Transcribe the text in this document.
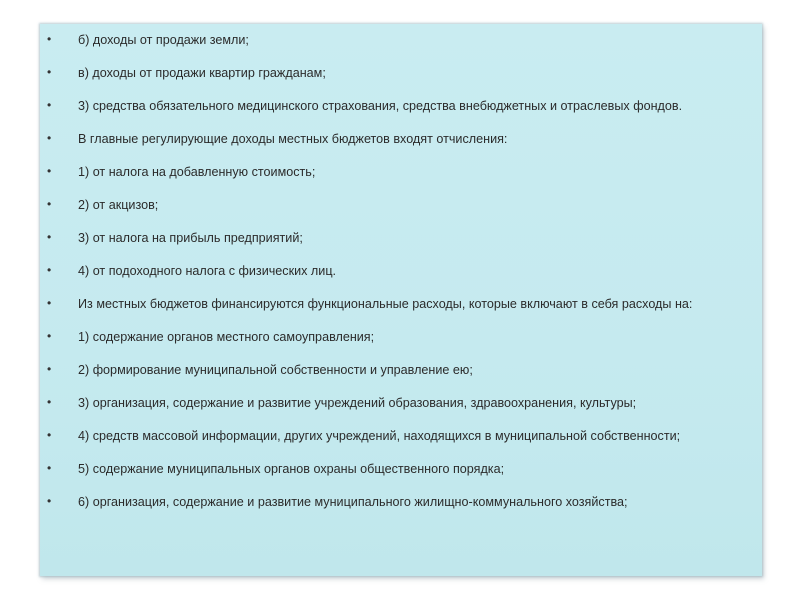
• б) доходы от продажи земли;
• в) доходы от продажи квартир гражданам;
• 3) средства обязательного медицинского страхования, средства внебюджетных и отраслевых фондов.
• В главные регулирующие доходы местных бюджетов входят отчисления:
• 1) от налога на добавленную стоимость;
• 2) от акцизов;
• 3) от налога на прибыль предприятий;
• 4) от подоходного налога с физических лиц.
• Из местных бюджетов финансируются функциональные расходы, которые включают в себя расходы на:
• 1) содержание органов местного самоуправления;
• 2) формирование муниципальной собственности и управление ею;
• 3) организация, содержание и развитие учреждений образования, здравоохранения, культуры;
• 4) средств массовой информации, других учреждений, находящихся в муниципальной собственности;
• 5) содержание муниципальных органов охраны общественного порядка;
• 6) организация, содержание и развитие муниципального жилищно-коммунального хозяйства;
